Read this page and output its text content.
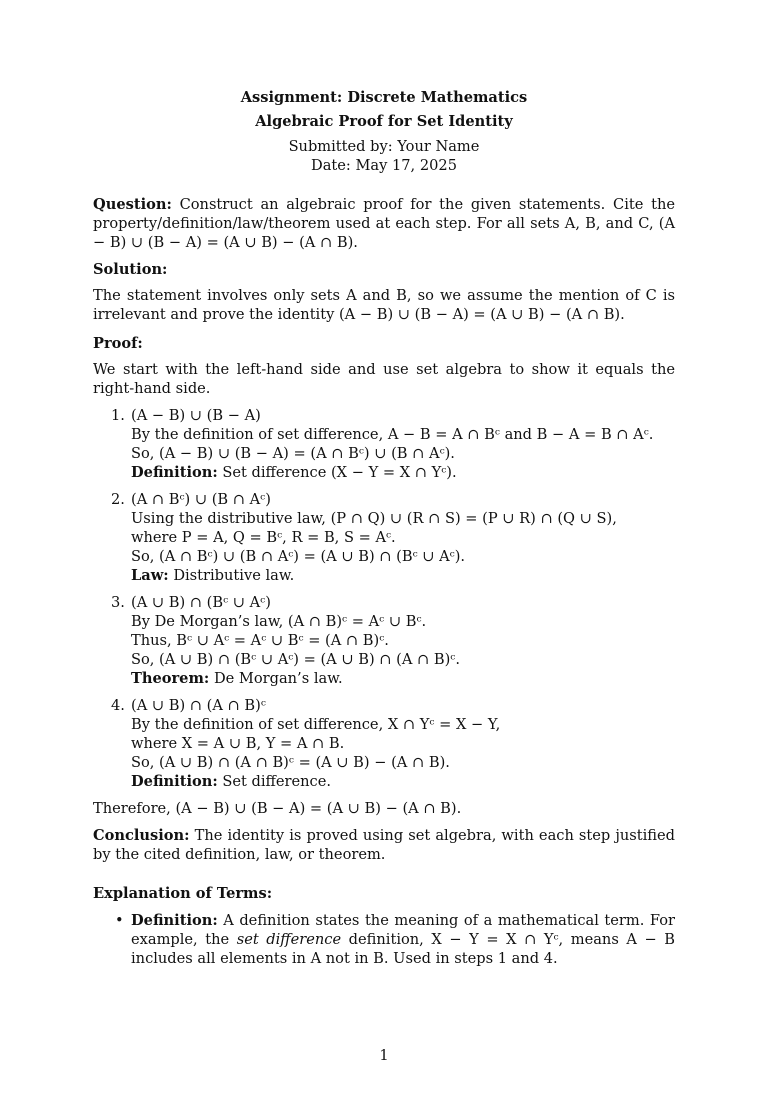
Assignment: Discrete Mathematics
Algebraic Proof for Set Identity
Submitted by: Your Name
Date: May 17, 2025

Question: Construct an algebraic proof for the given statements. Cite the property/definition/law/theorem used at each step. For all sets A, B, and C, (A − B) ∪ (B − A) = (A ∪ B) − (A ∩ B).

Solution:

The statement involves only sets A and B, so we assume the mention of C is irrelevant and prove the identity (A − B) ∪ (B − A) = (A ∪ B) − (A ∩ B).

Proof:

We start with the left-hand side and use set algebra to show it equals the right-hand side.

1. (A − B) ∪ (B − A)
By the definition of set difference, A − B = A ∩ Bᶜ and B − A = B ∩ Aᶜ.
So, (A − B) ∪ (B − A) = (A ∩ Bᶜ) ∪ (B ∩ Aᶜ).
Definition: Set difference (X − Y = X ∩ Yᶜ).
2. (A ∩ Bᶜ) ∪ (B ∩ Aᶜ)
Using the distributive law, (P ∩ Q) ∪ (R ∩ S) = (P ∪ R) ∩ (Q ∪ S),
where P = A, Q = Bᶜ, R = B, S = Aᶜ.
So, (A ∩ Bᶜ) ∪ (B ∩ Aᶜ) = (A ∪ B) ∩ (Bᶜ ∪ Aᶜ).
Law: Distributive law.
3. (A ∪ B) ∩ (Bᶜ ∪ Aᶜ)
By De Morgan’s law, (A ∩ B)ᶜ = Aᶜ ∪ Bᶜ.
Thus, Bᶜ ∪ Aᶜ = Aᶜ ∪ Bᶜ = (A ∩ B)ᶜ.
So, (A ∪ B) ∩ (Bᶜ ∪ Aᶜ) = (A ∪ B) ∩ (A ∩ B)ᶜ.
Theorem: De Morgan’s law.
4. (A ∪ B) ∩ (A ∩ B)ᶜ
By the definition of set difference, X ∩ Yᶜ = X − Y,
where X = A ∪ B, Y = A ∩ B.
So, (A ∪ B) ∩ (A ∩ B)ᶜ = (A ∪ B) − (A ∩ B).
Definition: Set difference.

Therefore, (A − B) ∪ (B − A) = (A ∪ B) − (A ∩ B).

Conclusion: The identity is proved using set algebra, with each step justified by the cited definition, law, or theorem.

Explanation of Terms:
• Definition: A definition states the meaning of a mathematical term. For example, the set difference definition, X − Y = X ∩ Yᶜ, means A − B includes all elements in A not in B. Used in steps 1 and 4.

1
